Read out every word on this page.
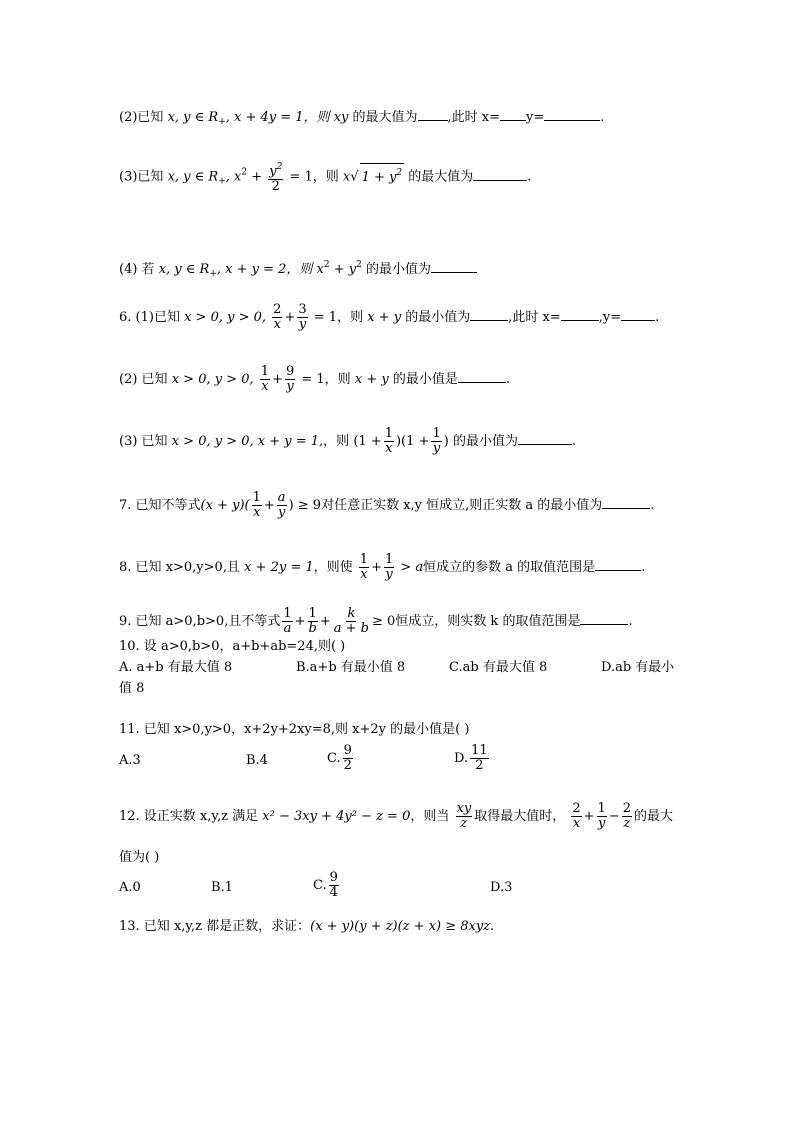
(2)已知 x, y ∈ $R_+$, x + 4y = 1，则 xy 的最大值为 ,此时 x= y=	.
(3)已知 x, y ∈ $R_+$, $x^2 + \frac{y^2}{2} = 1$，则 x√ $1 + y^2$ 的最大值为	.
(4) 若 x, y ∈ $R_+$, x + y = 2，则 $x^2 + y^2$ 的最小值为
6. (1)已知 x > 0, y > 0, $\frac{2}{x} + \frac{3}{y} = 1$，则 x + y 的最小值为	,此时 x=	,y=	.
(2) 已知 x > 0, y > 0, $\frac{1}{x} + \frac{9}{y} = 1$，则 x + y 的最小值是	.
(3) 已知 x > 0, y > 0, x + y = 1,，则 $(1 + \frac{1}{x} )(1 + \frac{1}{y}$ ) 的最小值为	.
7. 已知不等式$(x + y)( \frac{1}{x} + \frac{a}{y}$ ) ≥ 9对任意正实数 x,y 恒成立,则正实数 a 的最小值为	.
8. 已知 x>0,y>0,且 x + 2y = 1，则使 $\frac{1}{x} + \frac{1}{y} > a$恒成立的参数 a 的取值范围是	.
9. 已知 a>0,b>0,且不等式 $\frac{1}{a} + \frac{1}{b} + \frac{k}{a + b} \ge 0$恒成立，则实数 k 的取值范围是	.
10. 设 a>0,b>0，a+b+ab=24,则( )
A. a+b 有最大值 8	B.a+b 有最小值 8	C.ab 有最大值 8	D.ab 有最小
值 8
11. 已知 x>0,y>0，x+2y+2xy=8,则 x+2y 的最小值是( )
A.3	B.4	C. $\frac{9}{2}$	D. $\frac{11}{2}$
12. 设正实数 x,y,z 满足 x² − 3xy + 4y² − z = 0，则当 $\frac{xy}{z}$ 取得最大值时， $\frac{2}{x} + \frac{1}{y} - \frac{2}{z}$ 的最大
值为( )
A.0	B.1	C. $\frac{9}{4}$	D.3
13. 已知 x,y,z 都是正数，求证：(x + y)(y + z)(z + x) ≥ 8xyz.
